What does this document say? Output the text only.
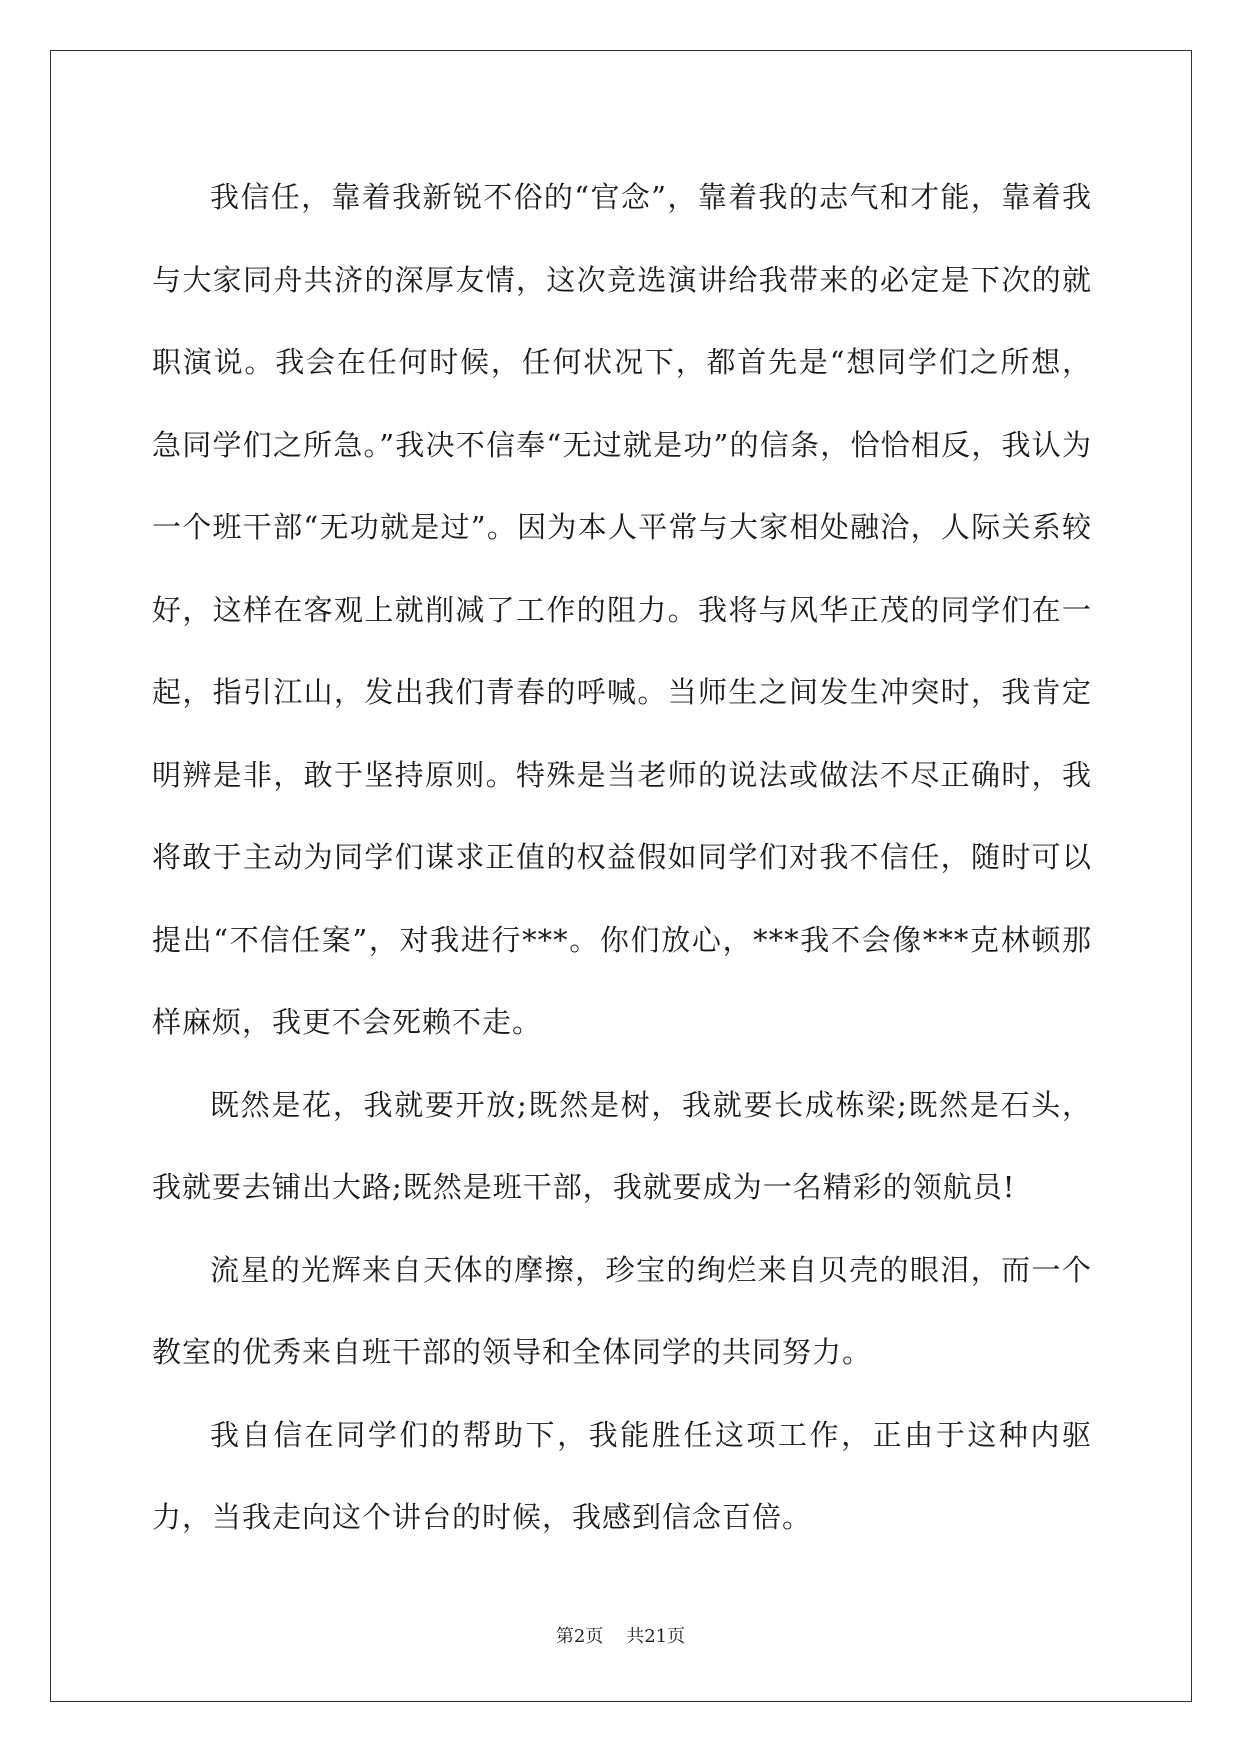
我信任，靠着我新锐不俗的“官念”，靠着我的志气和才能，靠着我与大家同舟共济的深厚友情，这次竞选演讲给我带来的必定是下次的就职演说。我会在任何时候，任何状况下，都首先是“想同学们之所想，急同学们之所急。”我决不信奉“无过就是功”的信条，恰恰相反，我认为一个班干部“无功就是过”。因为本人平常与大家相处融洽，人际关系较好，这样在客观上就削减了工作的阻力。我将与风华正茂的同学们在一起，指引江山，发出我们青春的呼喊。当师生之间发生冲突时，我肯定明辨是非，敢于坚持原则。特殊是当老师的说法或做法不尽正确时，我将敢于主动为同学们谋求正值的权益假如同学们对我不信任，随时可以提出“不信任案”，对我进行***。你们放心，***我不会像***克林顿那样麻烦，我更不会死赖不走。

既然是花，我就要开放;既然是树，我就要长成栋梁;既然是石头，我就要去铺出大路;既然是班干部，我就要成为一名精彩的领航员!

流星的光辉来自天体的摩擦，珍宝的绚烂来自贝壳的眼泪，而一个教室的优秀来自班干部的领导和全体同学的共同努力。

我自信在同学们的帮助下，我能胜任这项工作，正由于这种内驱力，当我走向这个讲台的时候，我感到信念百倍。

第2页 共21页
